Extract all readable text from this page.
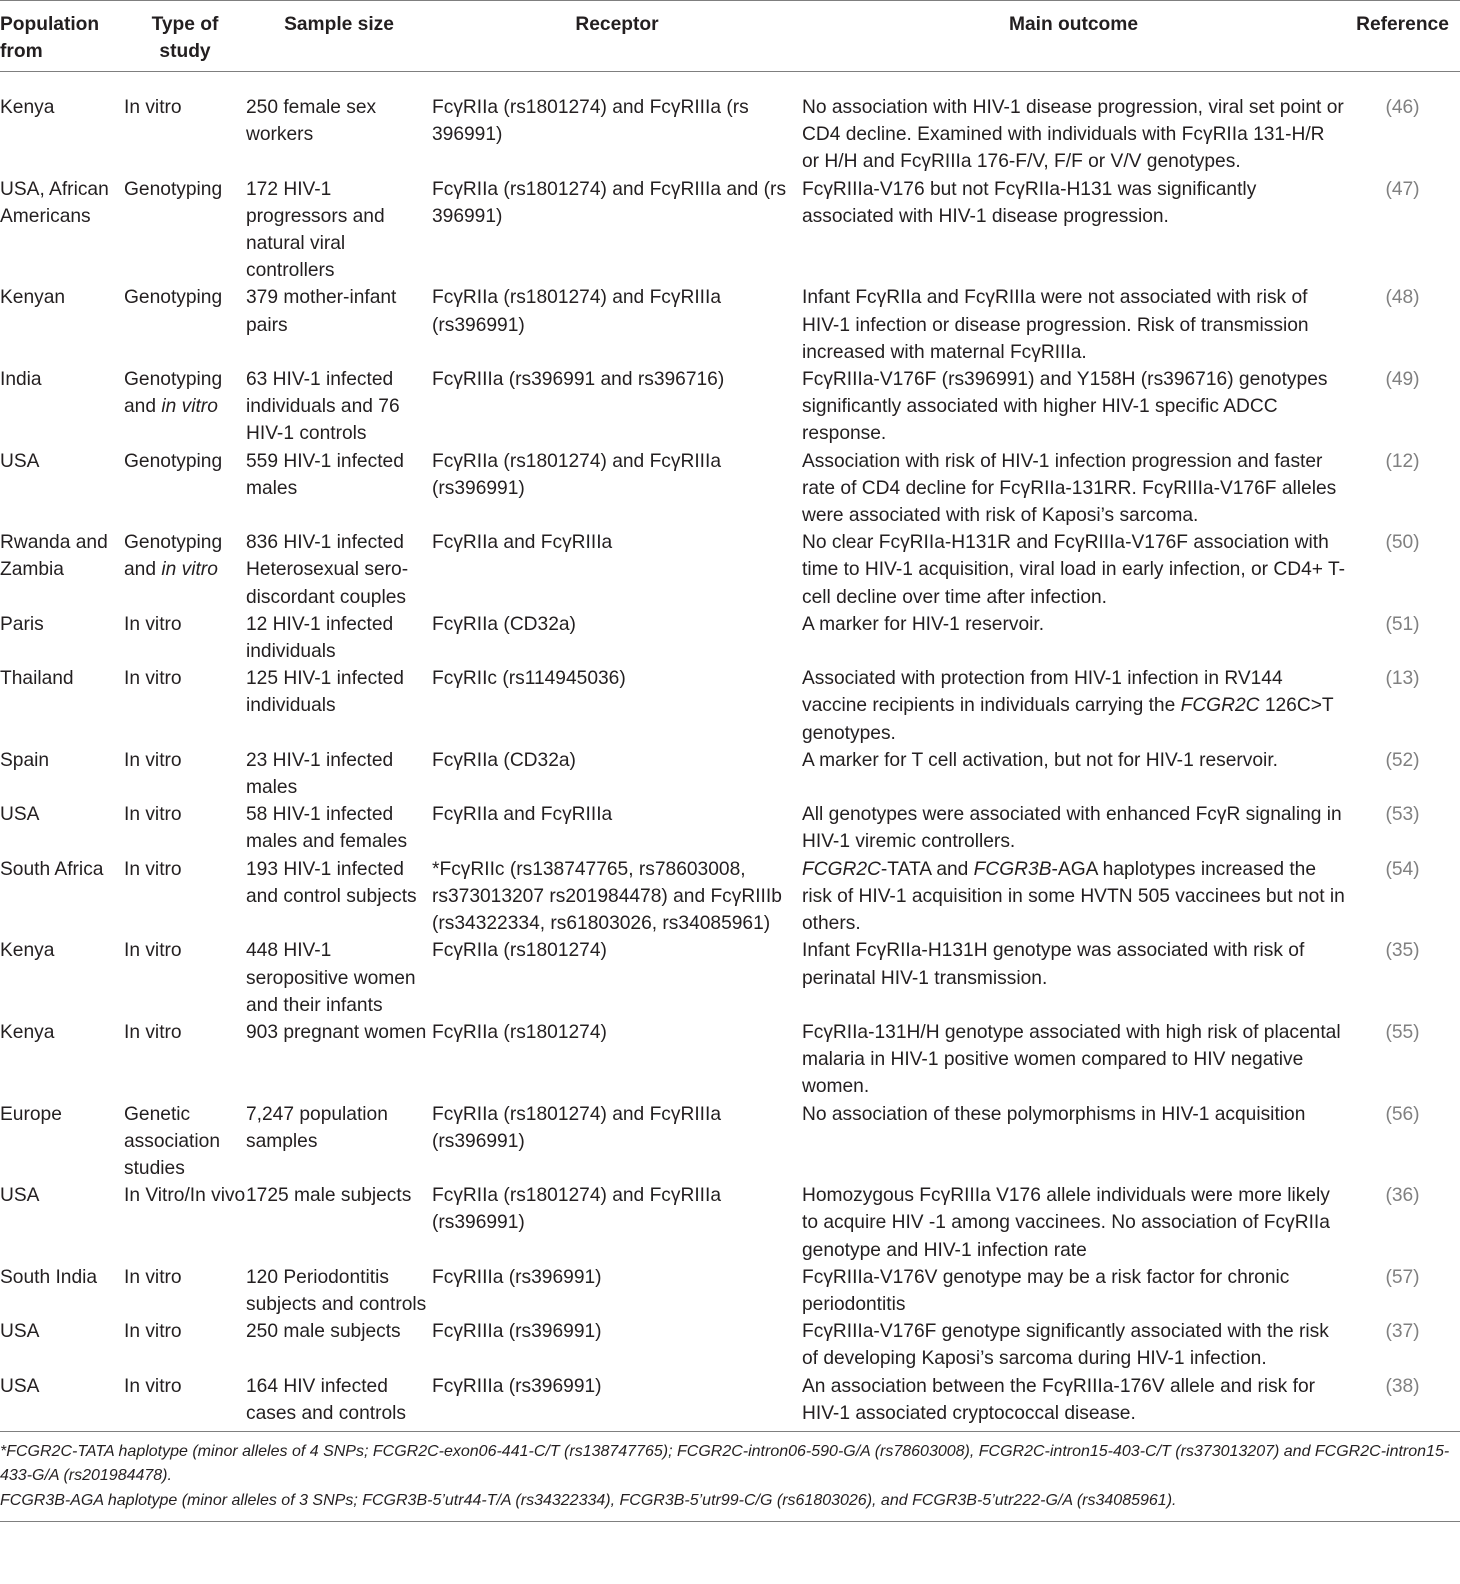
Population from	Type of study	Sample size	Receptor	Main outcome	Reference
Kenya	In vitro	250 female sex workers	FcγRIIa (rs1801274) and FcγRIIIa (rs 396991)	No association with HIV-1 disease progression, viral set point or CD4 decline. Examined with individuals with FcγRIIa 131-H/R or H/H and FcγRIIIa 176-F/V, F/F or V/V genotypes.	(46)
USA, African Americans	Genotyping	172 HIV-1 progressors and natural viral controllers	FcγRIIa (rs1801274) and FcγRIIIa and (rs 396991)	FcγRIIIa-V176 but not FcγRIIa-H131 was significantly associated with HIV-1 disease progression.	(47)
Kenyan	Genotyping	379 mother-infant pairs	FcγRIIa (rs1801274) and FcγRIIIa (rs396991)	Infant FcγRIIa and FcγRIIIa were not associated with risk of HIV-1 infection or disease progression. Risk of transmission increased with maternal FcγRIIIa.	(48)
India	Genotyping and in vitro	63 HIV-1 infected individuals and 76 HIV-1 controls	FcγRIIIa (rs396991 and rs396716)	FcγRIIIa-V176F (rs396991) and Y158H (rs396716) genotypes significantly associated with higher HIV-1 specific ADCC response.	(49)
USA	Genotyping	559 HIV-1 infected males	FcγRIIa (rs1801274) and FcγRIIIa (rs396991)	Association with risk of HIV-1 infection progression and faster rate of CD4 decline for FcγRIIa-131RR. FcγRIIIa-V176F alleles were associated with risk of Kaposi’s sarcoma.	(12)
Rwanda and Zambia	Genotyping and in vitro	836 HIV-1 infected Heterosexual sero-discordant couples	FcγRIIa and FcγRIIIa	No clear FcγRIIa-H131R and FcγRIIIa-V176F association with time to HIV-1 acquisition, viral load in early infection, or CD4+ T-cell decline over time after infection.	(50)
Paris	In vitro	12 HIV-1 infected individuals	FcγRIIa (CD32a)	A marker for HIV-1 reservoir.	(51)
Thailand	In vitro	125 HIV-1 infected individuals	FcγRIIc (rs114945036)	Associated with protection from HIV-1 infection in RV144 vaccine recipients in individuals carrying the FCGR2C 126C>T genotypes.	(13)
Spain	In vitro	23 HIV-1 infected males	FcγRIIa (CD32a)	A marker for T cell activation, but not for HIV-1 reservoir.	(52)
USA	In vitro	58 HIV-1 infected males and females	FcγRIIa and FcγRIIIa	All genotypes were associated with enhanced FcγR signaling in HIV-1 viremic controllers.	(53)
South Africa	In vitro	193 HIV-1 infected and control subjects	*FcγRIIc (rs138747765, rs78603008, rs373013207 rs201984478) and FcγRIIIb (rs34322334, rs61803026, rs34085961)	FCGR2C-TATA and FCGR3B-AGA haplotypes increased the risk of HIV-1 acquisition in some HVTN 505 vaccinees but not in others.	(54)
Kenya	In vitro	448 HIV-1 seropositive women and their infants	FcγRIIa (rs1801274)	Infant FcγRIIa-H131H genotype was associated with risk of perinatal HIV-1 transmission.	(35)
Kenya	In vitro	903 pregnant women	FcγRIIa (rs1801274)	FcγRIIa-131H/H genotype associated with high risk of placental malaria in HIV-1 positive women compared to HIV negative women.	(55)
Europe	Genetic association studies	7,247 population samples	FcγRIIa (rs1801274) and FcγRIIIa (rs396991)	No association of these polymorphisms in HIV-1 acquisition	(56)
USA	In Vitro/In vivo	1725 male subjects	FcγRIIa (rs1801274) and FcγRIIIa (rs396991)	Homozygous FcγRIIIa V176 allele individuals were more likely to acquire HIV -1 among vaccinees. No association of FcγRIIa genotype and HIV-1 infection rate	(36)
South India	In vitro	120 Periodontitis subjects and controls	FcγRIIIa (rs396991)	FcγRIIIa-V176V genotype may be a risk factor for chronic periodontitis	(57)
USA	In vitro	250 male subjects	FcγRIIIa (rs396991)	FcγRIIIa-V176F genotype significantly associated with the risk of developing Kaposi’s sarcoma during HIV-1 infection.	(37)
USA	In vitro	164 HIV infected cases and controls	FcγRIIIa (rs396991)	An association between the FcγRIIIa-176V allele and risk for HIV-1 associated cryptococcal disease.	(38)

*FCGR2C-TATA haplotype (minor alleles of 4 SNPs; FCGR2C-exon06-441-C/T (rs138747765); FCGR2C-intron06-590-G/A (rs78603008), FCGR2C-intron15-403-C/T (rs373013207) and FCGR2C-intron15-433-G/A (rs201984478).

FCGR3B-AGA haplotype (minor alleles of 3 SNPs; FCGR3B-5’utr44-T/A (rs34322334), FCGR3B-5’utr99-C/G (rs61803026), and FCGR3B-5’utr222-G/A (rs34085961).
